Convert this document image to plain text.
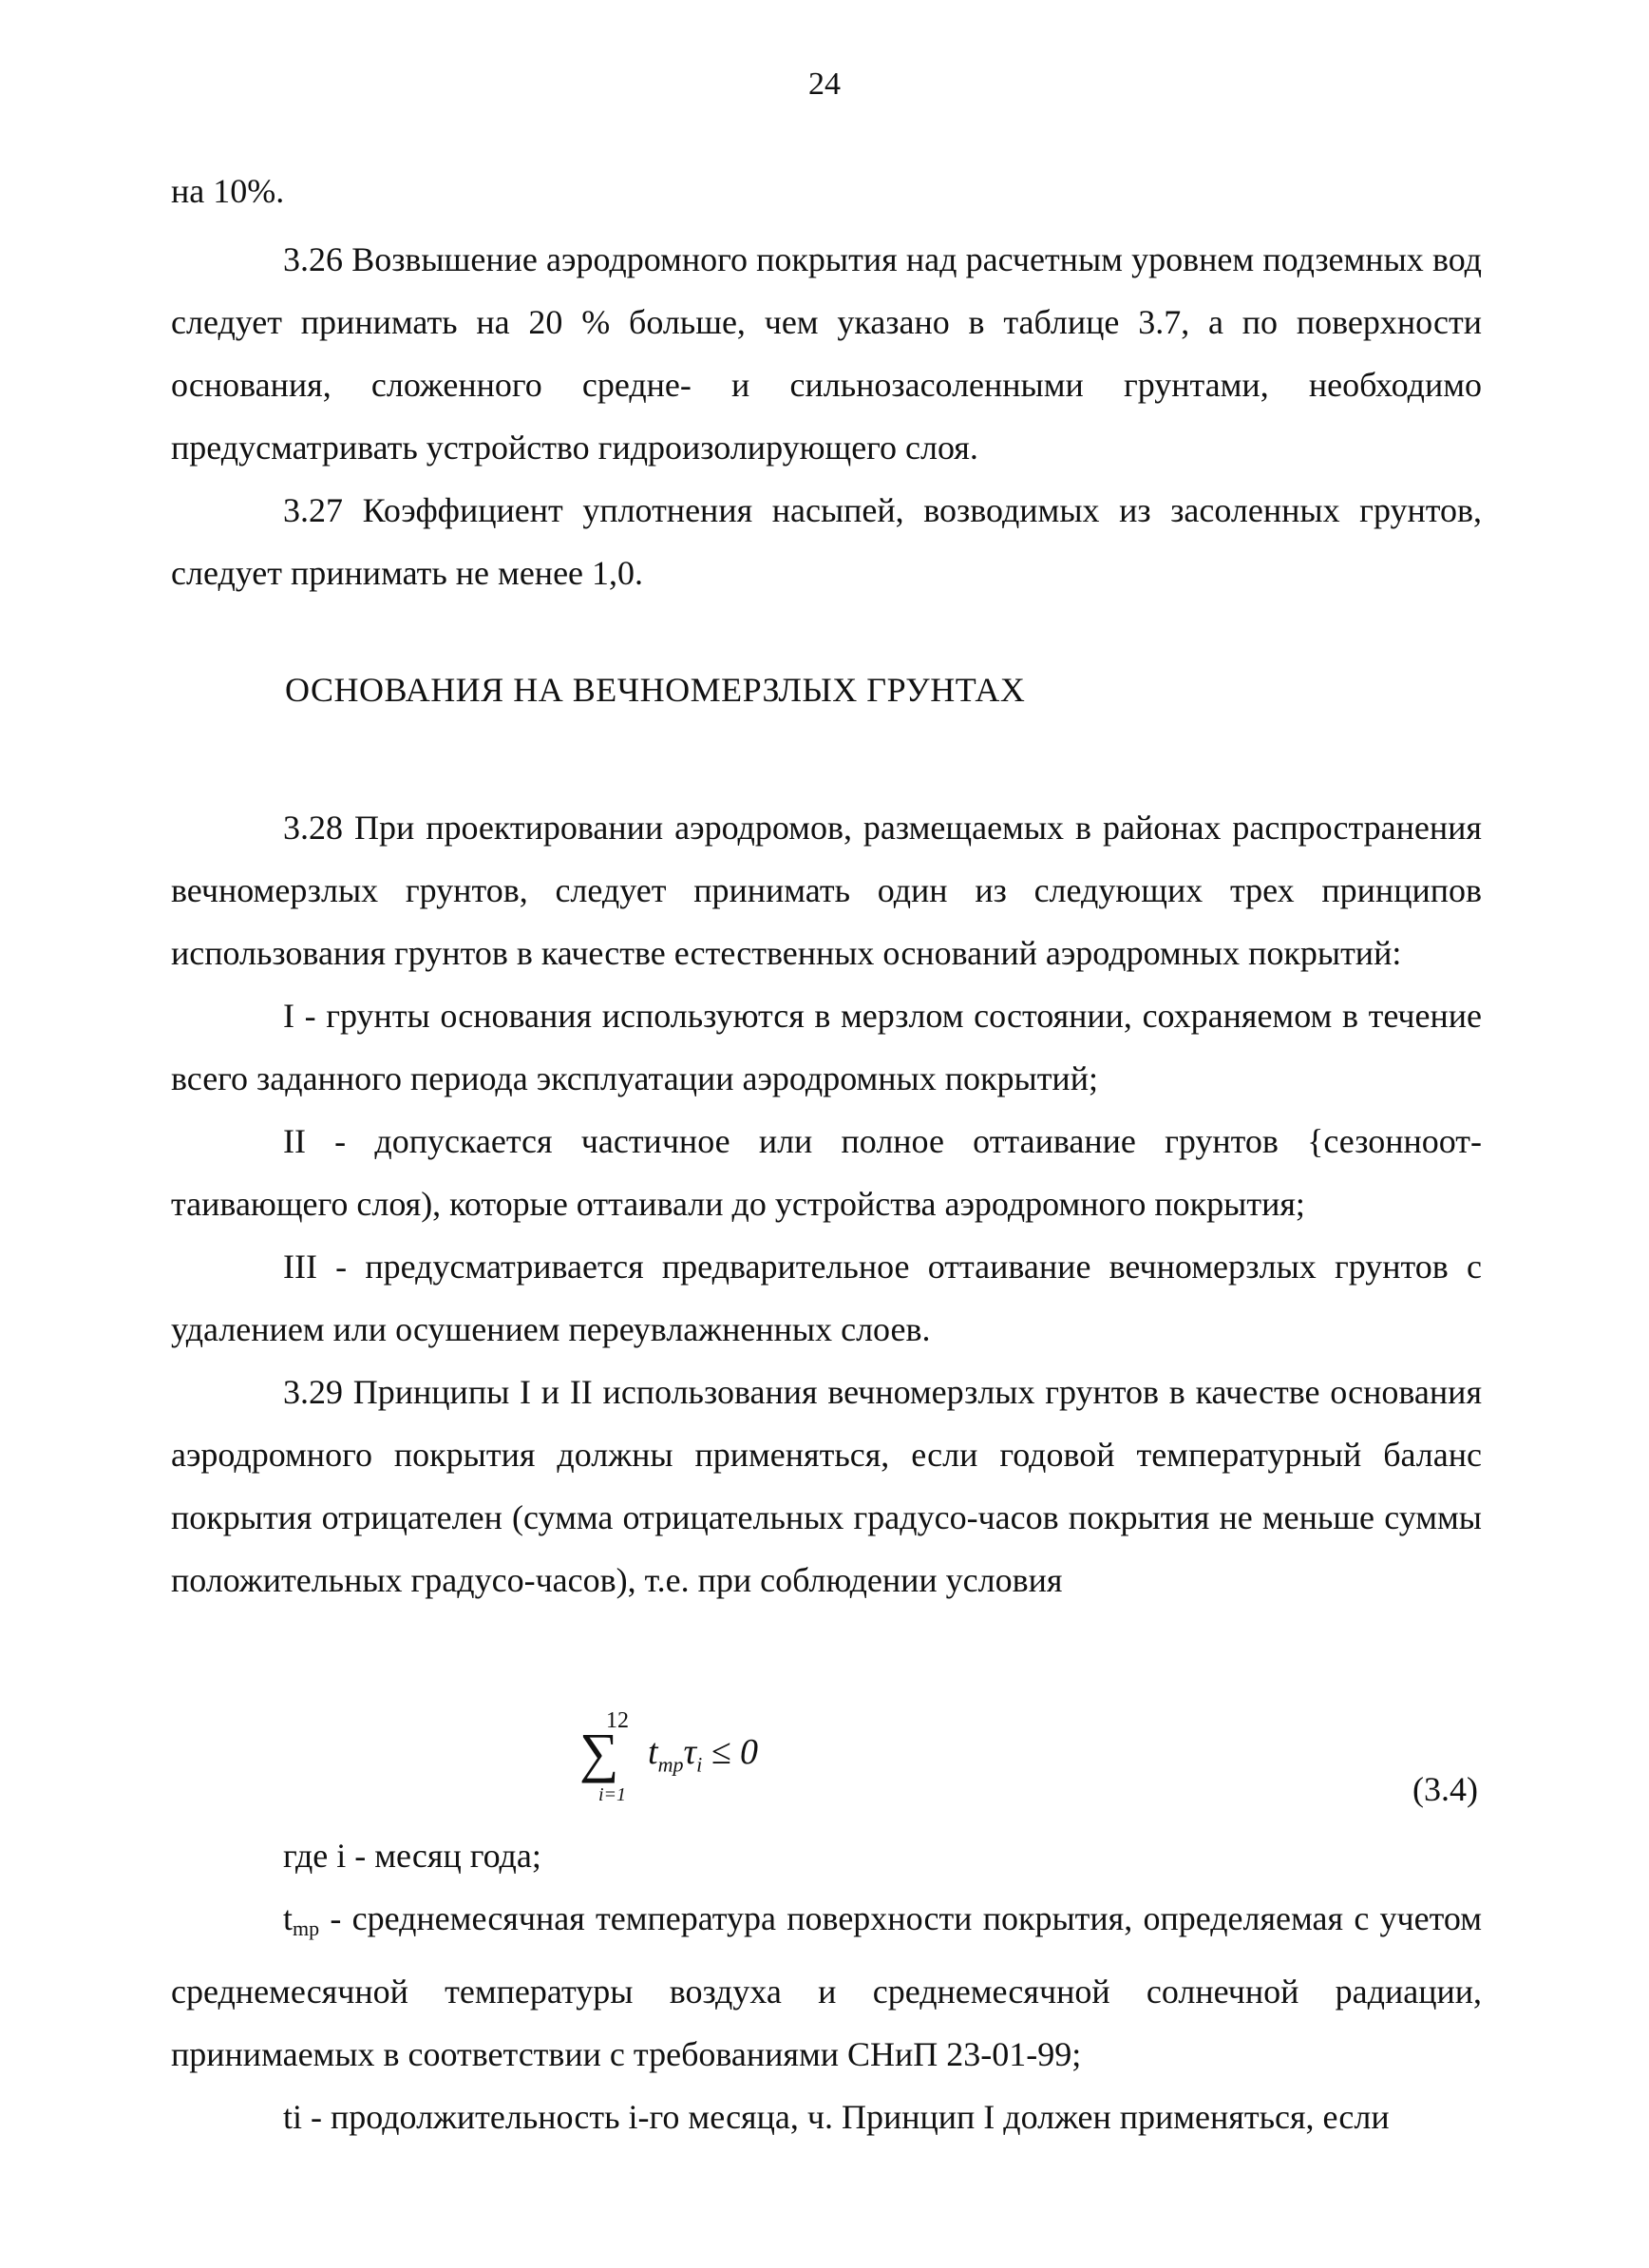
24

на 10%.

3.26 Возвышение аэродромного покрытия над расчетным уровнем подземных вод следует принимать на 20 % больше, чем указано в таблице 3.7, а по поверхности основания, сложенного средне- и сильнозасоленными грунтами, необходимо предусматривать устройство гидроизолирующего слоя.

3.27 Коэффициент уплотнения насыпей, возводимых из засоленных грунтов, следует принимать не менее 1,0.

ОСНОВАНИЯ НА ВЕЧНОМЕРЗЛЫХ ГРУНТАХ

3.28 При проектировании аэродромов, размещаемых в районах распространения вечномерзлых грунтов, следует принимать один из следующих трех принципов использования грунтов в качестве естественных оснований аэродромных покрытий:

I - грунты основания используются в мерзлом состоянии, сохраняемом в течение всего заданного периода эксплуатации аэродромных покрытий;

II - допускается частичное или полное оттаивание грунтов {сезонноот-таивающего слоя), которые оттаивали до устройства аэродромного покрытия;

III - предусматривается предварительное оттаивание вечномерзлых грунтов с удалением или осушением переувлажненных слоев.

3.29 Принципы I и II использования вечномерзлых грунтов в качестве основания аэродромного покрытия должны применяться, если годовой температурный баланс покрытия отрицателен (сумма отрицательных градусо-часов покрытия не меньше суммы положительных градусо-часов), т.е. при соблюдении условия

12
∑
i=1
$t_{mp}\tau_i \le 0$
(3.4)

где i - месяц года;

tmp - среднемесячная температура поверхности покрытия, определяемая с учетом среднемесячной температуры воздуха и среднемесячной солнечной радиации, принимаемых в соответствии с требованиями СНиП 23-01-99;

ti - продолжительность i-го месяца, ч. Принцип I должен применяться, если
